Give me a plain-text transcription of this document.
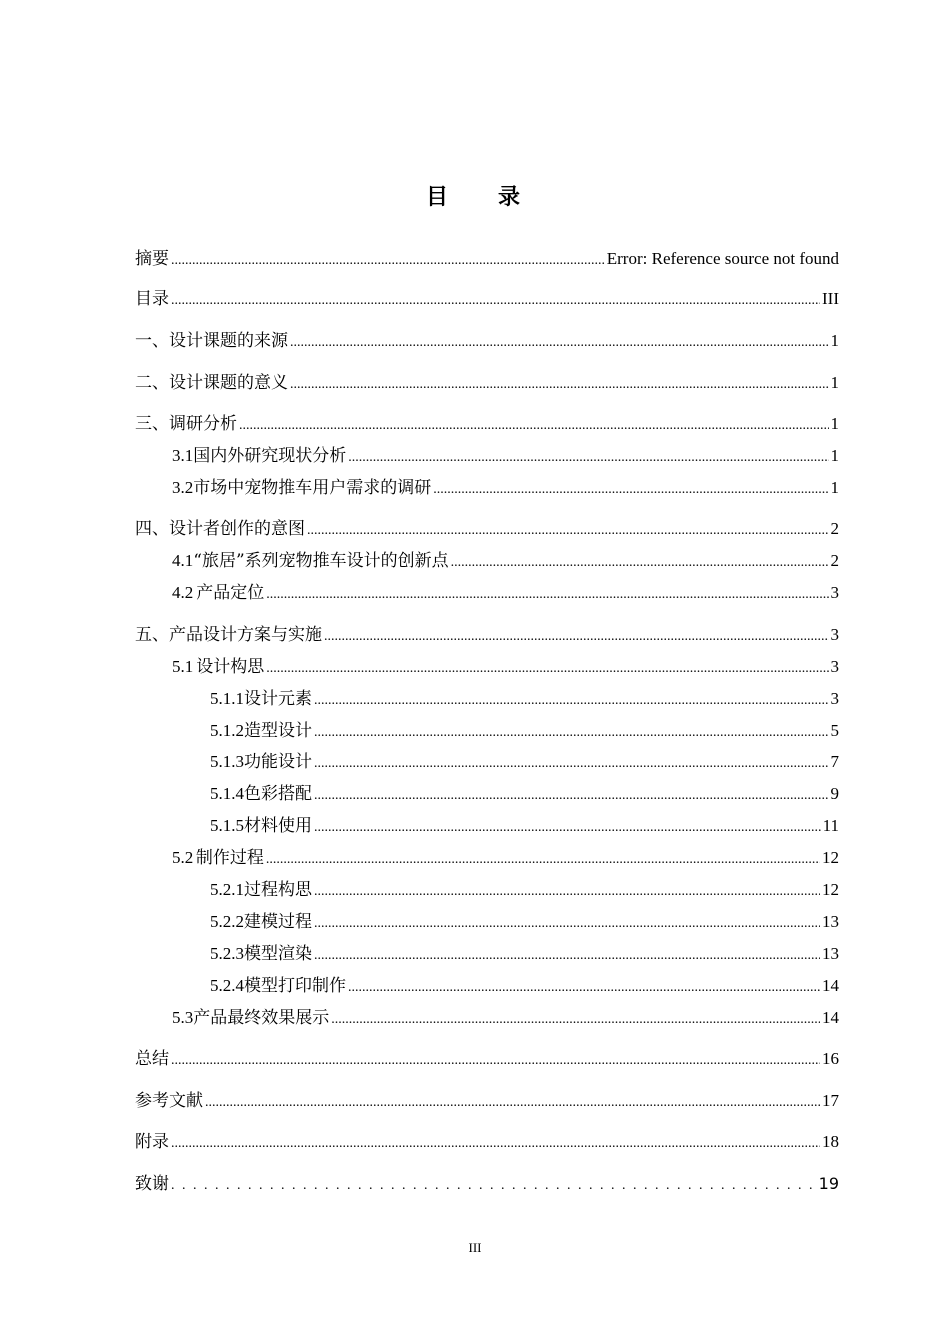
目 录
摘要 .....	Error: Reference source not found
目录 .....	III
一、设计课题的来源 .....	1
二、设计课题的意义 .....	1
三、调研分析 .....	1
3.1 国内外研究现状分析 .....	1
3.2 市场中宠物推车用户需求的调研 .....	1
四、设计者创作的意图 .....	2
4.1 “旅居”系列宠物推车设计的创新点 .....	2
4.2 产品定位 .....	3
五、产品设计方案与实施 .....	3
5.1 设计构思 .....	3
5.1.1 设计元素 .....	3
5.1.2 造型设计 .....	5
5.1.3 功能设计 .....	7
5.1.4 色彩搭配 .....	9
5.1.5 材料使用 .....	11
5.2 制作过程 .....	12
5.2.1 过程构思 .....	12
5.2.2 建模过程 .....	13
5.2.3 模型渲染 .....	13
5.2.4 模型打印制作 .....	14
5.3 产品最终效果展示 .....	14
总结 .....	16
参考文献 .....	17
附录 .....	18
致谢 . . .	19
III
